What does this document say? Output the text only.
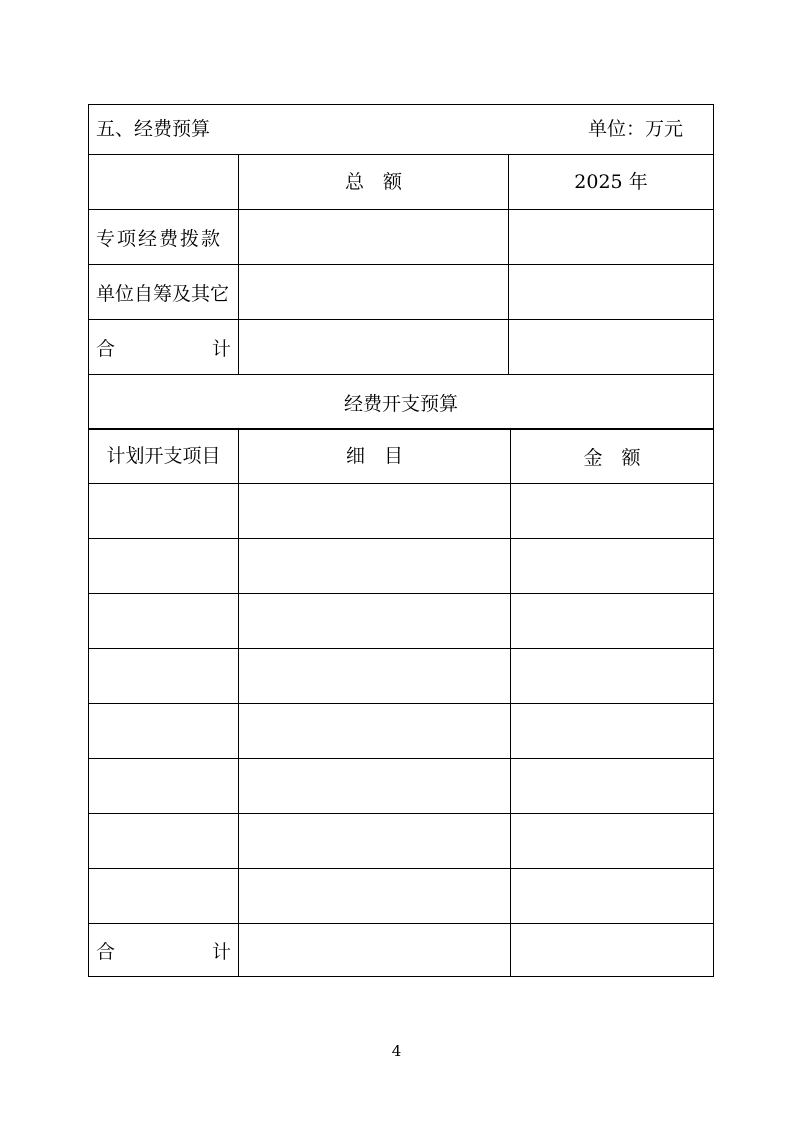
五、经费预算 单位：万元		

	总　额	2025 年
专项经费拨款		
单位自筹及其它		

合 计		

经费开支预算		
计划开支项目	细　目	金　额

合 计		

4
